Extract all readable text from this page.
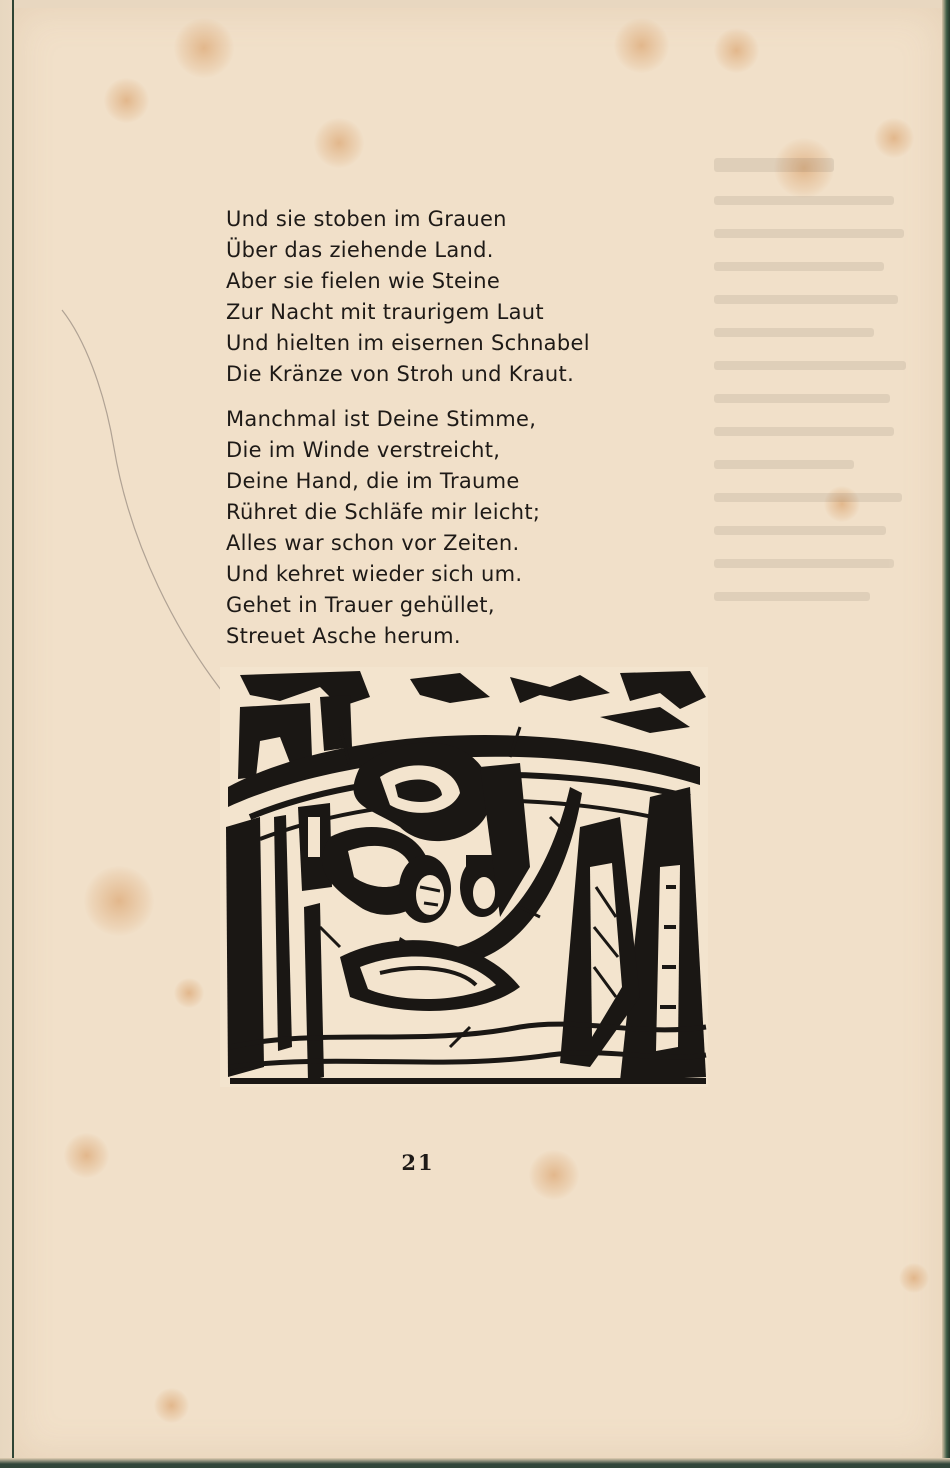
Und sie stoben im Grauen
Über das ziehende Land.
Aber sie fielen wie Steine
Zur Nacht mit traurigem Laut
Und hielten im eisernen Schnabel
Die Kränze von Stroh und Kraut.
Manchmal ist Deine Stimme,
Die im Winde verstreicht,
Deine Hand, die im Traume
Rühret die Schläfe mir leicht;
Alles war schon vor Zeiten.
Und kehret wieder sich um.
Gehet in Trauer gehüllet,
Streuet Asche herum.
21
